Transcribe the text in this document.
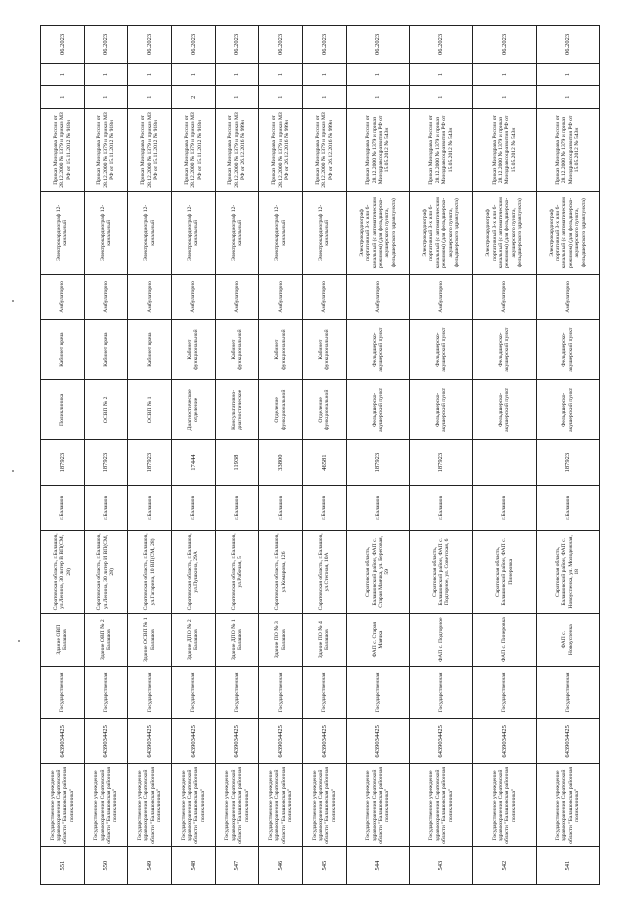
551	Государственное учреждение здравоохранения Саратовской области "Балашовская районная поликлиника"	6439034425	Государственная	Здание ОВП Балашов	Саратовская область, г.Балашов, ул.Ленина, 30 литер В ВП(СМ, 28)	г.Балашов	187923	Поликлиника	Кабинет врача	Амбулаторно	Электрокардиограф 12-канальный	Приказ Минздрава России от 28.12.2000 № 1379 и приказ МЗ РФ от 15.11.2012 № 918н	1	1	06.2023
550	Государственное учреждение здравоохранения Саратовской области "Балашовская районная поликлиника"	6439034425	Государственная	Здание ОВП № 2 Балашов	Саратовская область, г.Балашов, ул.Ленина, 30 литер И ВП(СМ, 28)	г.Балашов	187923	ОСВП № 2	Кабинет врача	Амбулаторно	Электрокардиограф 12-канальный	Приказ Минздрава России от 28.12.2000 № 1379 и приказ МЗ РФ от 15.11.2012 № 918н	1	1	06.2023
549	Государственное учреждение здравоохранения Саратовской области "Балашовская районная поликлиника"	6439034425	Государственная	Здание ОСВП № 1 Балашов	Саратовская область, г.Балашов, ул.Гагарина, 10 ВП(СМ, 28)	г.Балашов	187923	ОСВП № 1	Кабинет врача	Амбулаторно	Электрокардиограф 12-канальный	Приказ Минздрава России от 28.12.2000 № 1379 и приказ МЗ РФ от 15.11.2012 № 918н	1	1	06.2023
548	Государственное учреждение здравоохранения Саратовской области "Балашовская районная поликлиника"	6439034425	Государственная	Здание ДПО № 2 Балашов	Саратовская область, г.Балашов, ул.Пушкина, 29А	г.Балашов	17444	Диагностическое отделение	Кабинет функциональной	Амбулаторно	Электрокардиограф 12-канальный	Приказ Минздрава России от 28.12.2000 № 1379 и приказ МЗ РФ от 15.11.2012 № 918н	2	1	06.2023
547	Государственное учреждение здравоохранения Саратовской области "Балашовская районная поликлиника"	6439034425	Государственная	Здание ДПО № 1 Балашов	Саратовская область, г.Балашов, ул.Рабочая, 5	г.Балашов	11938	Консультативно-диагностическое	Кабинет функциональной	Амбулаторно	Электрокардиограф 12-канальный	Приказ Минздрава России от 28.12.2000 № 1379 и приказ МЗ РФ от 26.12.2016 № 999н	1	1	06.2023
546	Государственное учреждение здравоохранения Саратовской области "Балашовская районная поликлиника"	6439034425	Государственная	Здание ПО № 3 Балашов	Саратовская область, г.Балашов, ул.Комарова, 126	г.Балашов	33800	Отделение функциональной	Кабинет функциональной	Амбулаторно	Электрокардиограф 12-канальный	Приказ Минздрава России от 28.12.2000 № 1379 и приказ МЗ РФ от 26.12.2016 № 999н	1	1	06.2023
545	Государственное учреждение здравоохранения Саратовской области "Балашовская районная поликлиника"	6439034425	Государственная	Здание ПО № 4 Балашов	Саратовская область, г.Балашов, ул.Степная, 10А	г.Балашов	46581	Отделение функциональной	Кабинет функциональной	Амбулаторно	Электрокардиограф 12-канальный	Приказ Минздрава России от 28.12.2000 № 1379 и приказ МЗ РФ от 26.12.2016 № 999н	1	1	06.2023
544	Государственное учреждение здравоохранения Саратовской области "Балашовская районная поликлиника"	6439034425	Государственная	ФАП с. Старая Маячка	Саратовская область, Балашовский район, ФАП с. Старая Маячка, ул. Береговая, 59	г.Балашов	187923	Фельдшерско-акушерский пункт	Фельдшерско-акушерский пункт	Амбулаторно	Электрокардиограф портативный 3-х или 6-канальный (с автоматическим режимом) (для фельдшерско-акушерского пункта, фельдшерского здравпункта)	Приказ Минздрава России от 28.12.2000 № 1379 и приказ Минздравсоцразвития РФ от 15.05.2012 № 543н	1	1	06.2023
543	Государственное учреждение здравоохранения Саратовской области "Балашовская районная поликлиника"	6439034425	Государственная	ФАП с. Подгорное	Саратовская область, Балашовский район, ФАП с. Подгорное, ул. Советская, 6	г.Балашов	187923	Фельдшерско-акушерский пункт	Фельдшерско-акушерский пункт	Амбулаторно	Электрокардиограф портативный 3-х или 6-канальный (с автоматическим режимом) (для фельдшерско-акушерского пункта, фельдшерского здравпункта)	Приказ Минздрава России от 28.12.2000 № 1379 и приказ Минздравсоцразвития РФ от 15.05.2012 № 543н	1	1	06.2023
542	Государственное учреждение здравоохранения Саратовской области "Балашовская районная поликлиника"	6439034425	Государственная	ФАП с. Пинеровка	Саратовская область, Балашовский район, ФАП с. Пинеровка	г.Балашов		Фельдшерско-акушерский пункт	Фельдшерско-акушерский пункт	Амбулаторно	Электрокардиограф портативный 3-х или 6-канальный (с автоматическим режимом) (для фельдшерско-акушерского пункта, фельдшерского здравпункта)	Приказ Минздрава России от 28.12.2000 № 1379 и приказ Минздравсоцразвития РФ от 15.05.2012 № 543н	1	1	06.2023
541	Государственное учреждение здравоохранения Саратовской области "Балашовская районная поликлиника"	6439034425	Государственная	ФАП с. Новоуспенка	Саратовская область, Балашовский район, ФАП с. Новоуспенка, ул. Молодежная, 18	г.Балашов	187923	Фельдшерско-акушерский пункт	Фельдшерско-акушерский пункт	Амбулаторно	Электрокардиограф портативный 3-х или 6-канальный (с автоматическим режимом) (для фельдшерско-акушерского пункта, фельдшерского здравпункта)	Приказ Минздрава России от 28.12.2000 № 1379 и приказ Минздравсоцразвития РФ от 15.05.2012 № 543н	1	1	06.2023
